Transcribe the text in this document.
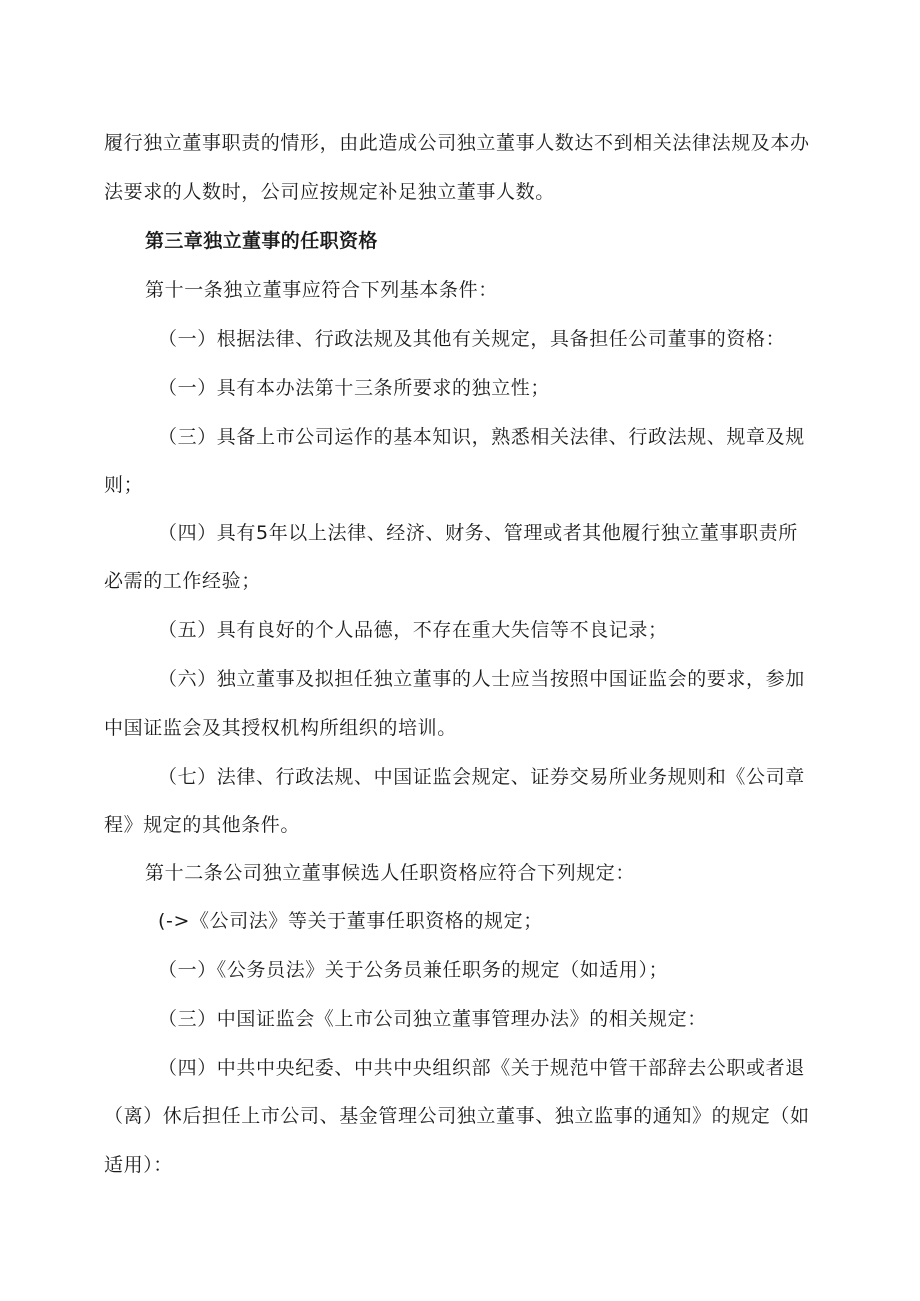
履行独立董事职责的情形，由此造成公司独立董事人数达不到相关法律法规及本办
法要求的人数时，公司应按规定补足独立董事人数。
第三章独立董事的任职资格
第十一条独立董事应符合下列基本条件：
（一）根据法律、行政法规及其他有关规定，具备担任公司董事的资格：
（一）具有本办法第十三条所要求的独立性；
（三）具备上市公司运作的基本知识，熟悉相关法律、行政法规、规章及规
则；
（四）具有5年以上法律、经济、财务、管理或者其他履行独立董事职责所
必需的工作经验；
（五）具有良好的个人品德，不存在重大失信等不良记录；
（六）独立董事及拟担任独立董事的人士应当按照中国证监会的要求，参加
中国证监会及其授权机构所组织的培训。
（七）法律、行政法规、中国证监会规定、证券交易所业务规则和《公司章
程》规定的其他条件。
第十二条公司独立董事候选人任职资格应符合下列规定：
(->《公司法》等关于董事任职资格的规定；
（一）《公务员法》关于公务员兼任职务的规定（如适用）；
（三）中国证监会《上市公司独立董事管理办法》的相关规定：
（四）中共中央纪委、中共中央组织部《关于规范中管干部辞去公职或者退
（离）休后担任上市公司、基金管理公司独立董事、独立监事的通知》的规定（如
适用）：
